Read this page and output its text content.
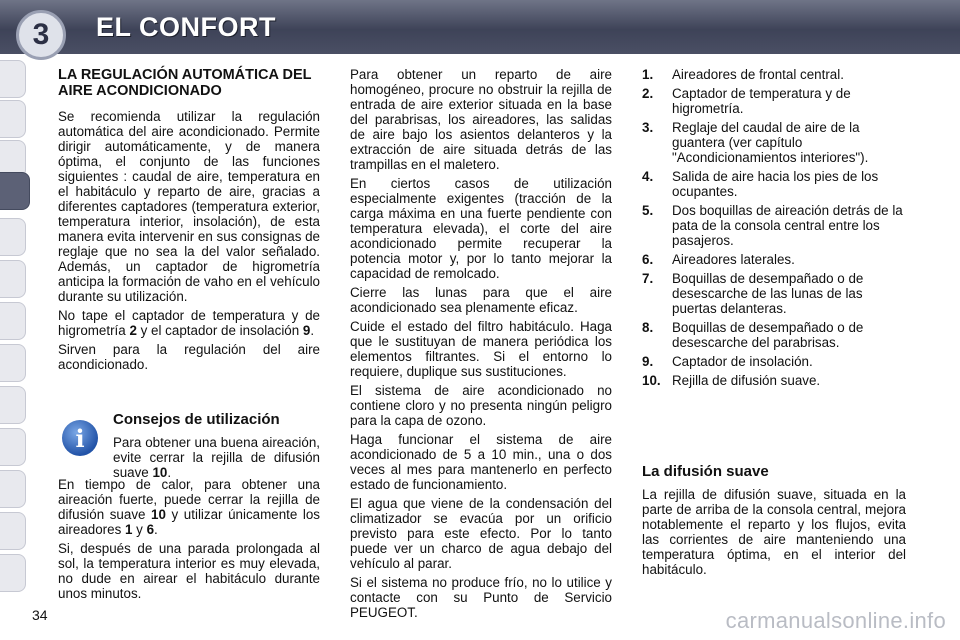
3	EL CONFORT
LA REGULACIÓN AUTOMÁTICA DEL AIRE ACONDICIONADO

Se recomienda utilizar la regulación automática del aire acondicionado. Permite dirigir automáticamente, y de manera óptima, el conjunto de las funciones siguientes : caudal de aire, temperatura en el habitáculo y reparto de aire, gracias a diferentes captadores (temperatura exterior, temperatura interior, insolación), de esta manera evita intervenir en sus consignas de reglaje que no sea la del valor señalado. Además, un captador de higrometría anticipa la formación de vaho en el vehículo durante su utilización.

No tape el captador de temperatura y de higrometría 2 y el captador de insolación 9.

Sirven para la regulación del aire acondicionado.

i
Consejos de utilización

Para obtener una buena aireación, evite cerrar la rejilla de difusión suave 10.

En tiempo de calor, para obtener una aireación fuerte, puede cerrar la rejilla de difusión suave 10 y utilizar únicamente los aireadores 1 y 6.

Si, después de una parada prolongada al sol, la temperatura interior es muy elevada, no dude en airear el habitáculo durante unos minutos.

Para obtener un reparto de aire homogéneo, procure no obstruir la rejilla de entrada de aire exterior situada en la base del parabrisas, los aireadores, las salidas de aire bajo los asientos delanteros y la extracción de aire situada detrás de las trampillas en el maletero.

En ciertos casos de utilización especialmente exigentes (tracción de la carga máxima en una fuerte pendiente con temperatura elevada), el corte del aire acondicionado permite recuperar la potencia motor y, por lo tanto mejorar la capacidad de remolcado.

Cierre las lunas para que el aire acondicionado sea plenamente eficaz.

Cuide el estado del filtro habitáculo. Haga que le sustituyan de manera periódica los elementos filtrantes. Si el entorno lo requiere, duplique sus sustituciones.

El sistema de aire acondicionado no contiene cloro y no presenta ningún peligro para la capa de ozono.

Haga funcionar el sistema de aire acondicionado de 5 a 10 min., una o dos veces al mes para mantenerlo en perfecto estado de funcionamiento.

El agua que viene de la condensación del climatizador se evacúa por un orificio previsto para este efecto. Por lo tanto puede ver un charco de agua debajo del vehículo al parar.

Si el sistema no produce frío, no lo utilice y contacte con su Punto de Servicio PEUGEOT.

1.	Aireadores de frontal central.
2.	Captador de temperatura y de higrometría.
3.	Reglaje del caudal de aire de la guantera (ver capítulo "Acondicionamientos interiores").
4.	Salida de aire hacia los pies de los ocupantes.
5.	Dos boquillas de aireación detrás de la pata de la consola central entre los pasajeros.
6.	Aireadores laterales.
7.	Boquillas de desempañado o de desescarche de las lunas de las puertas delanteras.
8.	Boquillas de desempañado o de desescarche del parabrisas.
9.	Captador de insolación.
10. Rejilla de difusión suave.
La difusión suave

La rejilla de difusión suave, situada en la parte de arriba de la consola central, mejora notablemente el reparto y los flujos, evita las corrientes de aire manteniendo una temperatura óptima, en el interior del habitáculo.

34	carmanualsonline.info
